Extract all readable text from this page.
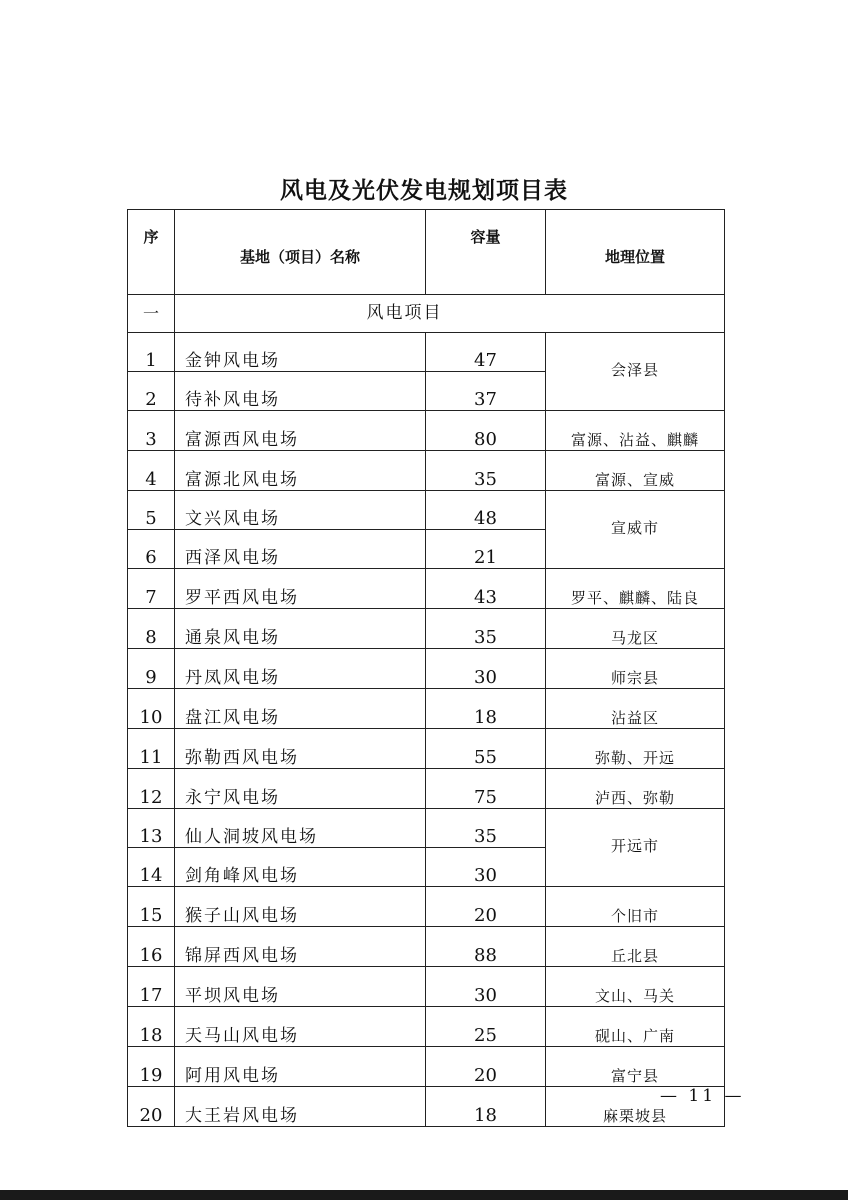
风电及光伏发电规划项目表
序	基地（项目）名称	容量	地理位置
一	风电项目		
1	金钟风电场	47	会泽县
2	待补风电场	37	
3	富源西风电场	80	富源、沾益、麒麟
4	富源北风电场	35	富源、宣威
5	文兴风电场	48	宣威市
6	西泽风电场	21	
7	罗平西风电场	43	罗平、麒麟、陆良
8	通泉风电场	35	马龙区
9	丹凤风电场	30	师宗县
10	盘江风电场	18	沾益区
11	弥勒西风电场	55	弥勒、开远
12	永宁风电场	75	泸西、弥勒
13	仙人洞坡风电场	35	开远市
14	剑角峰风电场	30	
15	猴子山风电场	20	个旧市
16	锦屏西风电场	88	丘北县
17	平坝风电场	30	文山、马关
18	天马山风电场	25	砚山、广南
19	阿用风电场	20	富宁县
20	大王岩风电场	18	麻栗坡县
— 11 —
